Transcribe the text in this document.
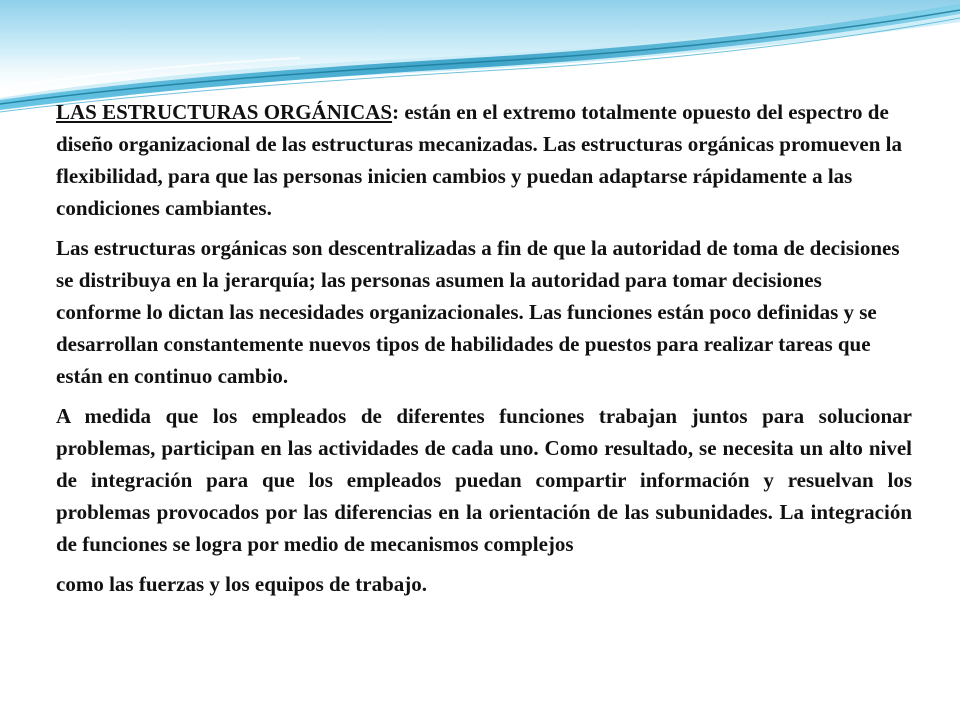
LAS ESTRUCTURAS ORGÁNICAS: están en el extremo totalmente opuesto del espectro de diseño organizacional de las estructuras mecanizadas. Las estructuras orgánicas promueven la flexibilidad, para que las personas inicien cambios y puedan adaptarse rápidamente a las condiciones cambiantes.

Las estructuras orgánicas son descentralizadas a fin de que la autoridad de toma de decisiones se distribuya en la jerarquía; las personas asumen la autoridad para tomar decisiones conforme lo dictan las necesidades organizacionales. Las funciones están poco definidas y se desarrollan constantemente nuevos tipos de habilidades de puestos para realizar tareas que están en continuo cambio.

A medida que los empleados de diferentes funciones trabajan juntos para solucionar problemas, participan en las actividades de cada uno. Como resultado, se necesita un alto nivel de integración para que los empleados puedan compartir información y resuelvan los problemas provocados por las diferencias en la orientación de las subunidades. La integración de funciones se logra por medio de mecanismos complejos

como las fuerzas y los equipos de trabajo.
